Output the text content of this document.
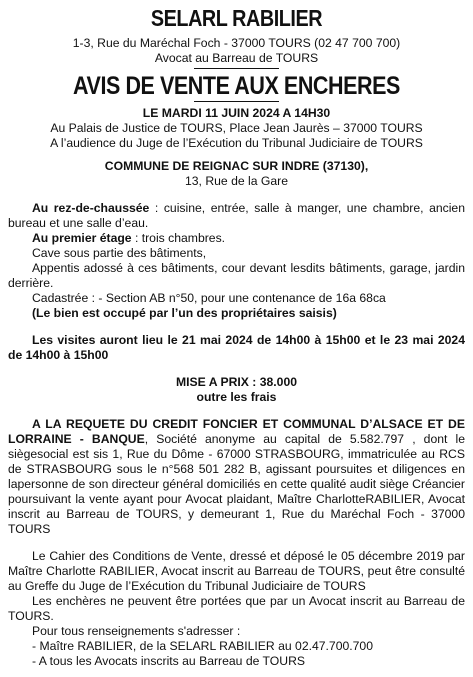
SELARL RABILIER
1-3, Rue du Maréchal Foch - 37000 TOURS (02 47 700 700)
Avocat au Barreau de TOURS
AVIS DE VENTE AUX ENCHERES
LE MARDI 11 JUIN 2024 A 14H30
Au Palais de Justice de TOURS, Place Jean Jaurès – 37000 TOURS
A l’audience du Juge de l’Exécution du Tribunal Judiciaire de TOURS
COMMUNE DE REIGNAC SUR INDRE (37130),
13, Rue de la Gare
Au rez-de-chaussée : cuisine, entrée, salle à manger, une chambre, ancien bureau et une salle d’eau.
Au premier étage : trois chambres.
Cave sous partie des bâtiments,
Appentis adossé à ces bâtiments, cour devant lesdits bâtiments, garage, jardin derrière.
Cadastrée : - Section AB n°50, pour une contenance de 16a 68ca
(Le bien est occupé par l’un des propriétaires saisis)
Les visites auront lieu le 21 mai 2024 de 14h00 à 15h00 et le 23 mai 2024 de 14h00 à 15h00
MISE A PRIX : 38.000
outre les frais
A LA REQUETE DU CREDIT FONCIER ET COMMUNAL D’ALSACE ET DE LORRAINE - BANQUE, Société anonyme au capital de 5.582.797 , dont le siègesocial est sis 1, Rue du Dôme - 67000 STRASBOURG, immatriculée au RCS de STRASBOURG sous le n°568 501 282 B, agissant poursuites et diligences en lapersonne de son directeur général domiciliés en cette qualité audit siège Créancier poursuivant la vente ayant pour Avocat plaidant, Maître CharlotteRABILIER, Avocat inscrit au Barreau de TOURS, y demeurant 1, Rue du Maréchal Foch - 37000 TOURS
Le Cahier des Conditions de Vente, dressé et déposé le 05 décembre 2019 par Maître Charlotte RABILIER, Avocat inscrit au Barreau de TOURS, peut être consulté au Greffe du Juge de l’Exécution du Tribunal Judiciaire de TOURS
Les enchères ne peuvent être portées que par un Avocat inscrit au Barreau de TOURS.
Pour tous renseignements s'adresser :
- Maître RABILIER, de la SELARL RABILIER au 02.47.700.700
- A tous les Avocats inscrits au Barreau de TOURS
